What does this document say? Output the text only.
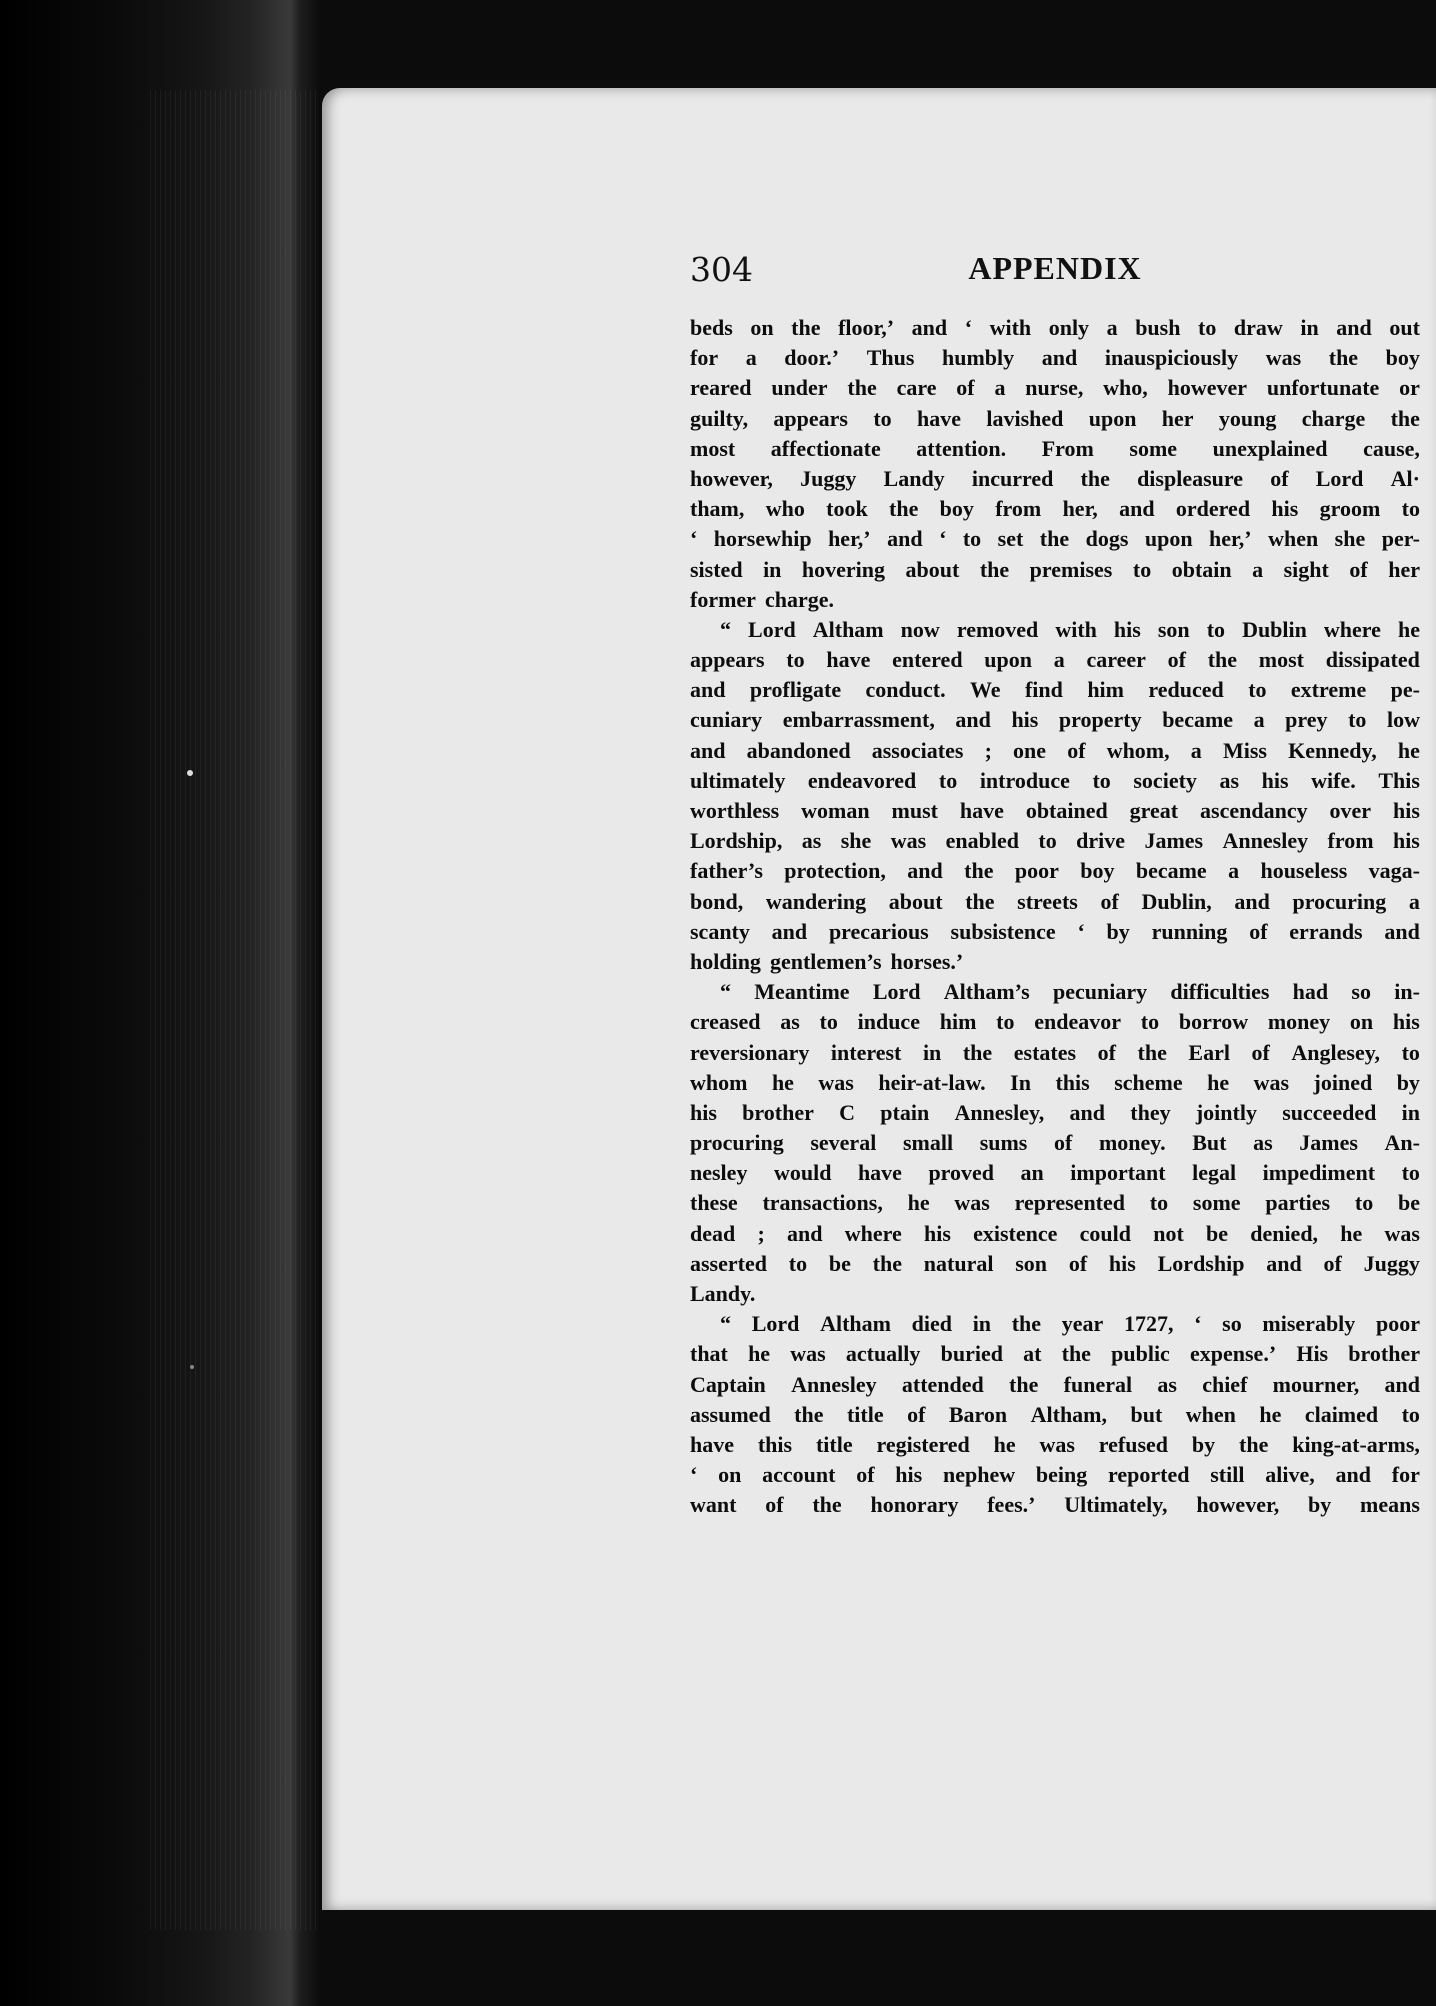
304	APPENDIX
beds on the floor,’ and ‘ with only a bush to draw in and out
for a door.’ Thus humbly and inauspiciously was the boy
reared under the care of a nurse, who, however unfortunate or
guilty, appears to have lavished upon her young charge the
most affectionate attention. From some unexplained cause,
however, Juggy Landy incurred the displeasure of Lord Al·
tham, who took the boy from her, and ordered his groom to
‘ horsewhip her,’ and ‘ to set the dogs upon her,’ when she per-
sisted in hovering about the premises to obtain a sight of her
former charge.
“ Lord Altham now removed with his son to Dublin where he
appears to have entered upon a career of the most dissipated
and profligate conduct. We find him reduced to extreme pe-
cuniary embarrassment, and his property became a prey to low
and abandoned associates ; one of whom, a Miss Kennedy, he
ultimately endeavored to introduce to society as his wife. This
worthless woman must have obtained great ascendancy over his
Lordship, as she was enabled to drive James Annesley from his
father’s protection, and the poor boy became a houseless vaga-
bond, wandering about the streets of Dublin, and procuring a
scanty and precarious subsistence ‘ by running of errands and
holding gentlemen’s horses.’
“ Meantime Lord Altham’s pecuniary difficulties had so in-
creased as to induce him to endeavor to borrow money on his
reversionary interest in the estates of the Earl of Anglesey, to
whom he was heir-at-law. In this scheme he was joined by
his brother C ptain Annesley, and they jointly succeeded in
procuring several small sums of money. But as James An-
nesley would have proved an important legal impediment to
these transactions, he was represented to some parties to be
dead ; and where his existence could not be denied, he was
asserted to be the natural son of his Lordship and of Juggy
Landy.
“ Lord Altham died in the year 1727, ‘ so miserably poor
that he was actually buried at the public expense.’ His brother
Captain Annesley attended the funeral as chief mourner, and
assumed the title of Baron Altham, but when he claimed to
have this title registered he was refused by the king-at-arms,
‘ on account of his nephew being reported still alive, and for
want of the honorary fees.’ Ultimately, however, by means
